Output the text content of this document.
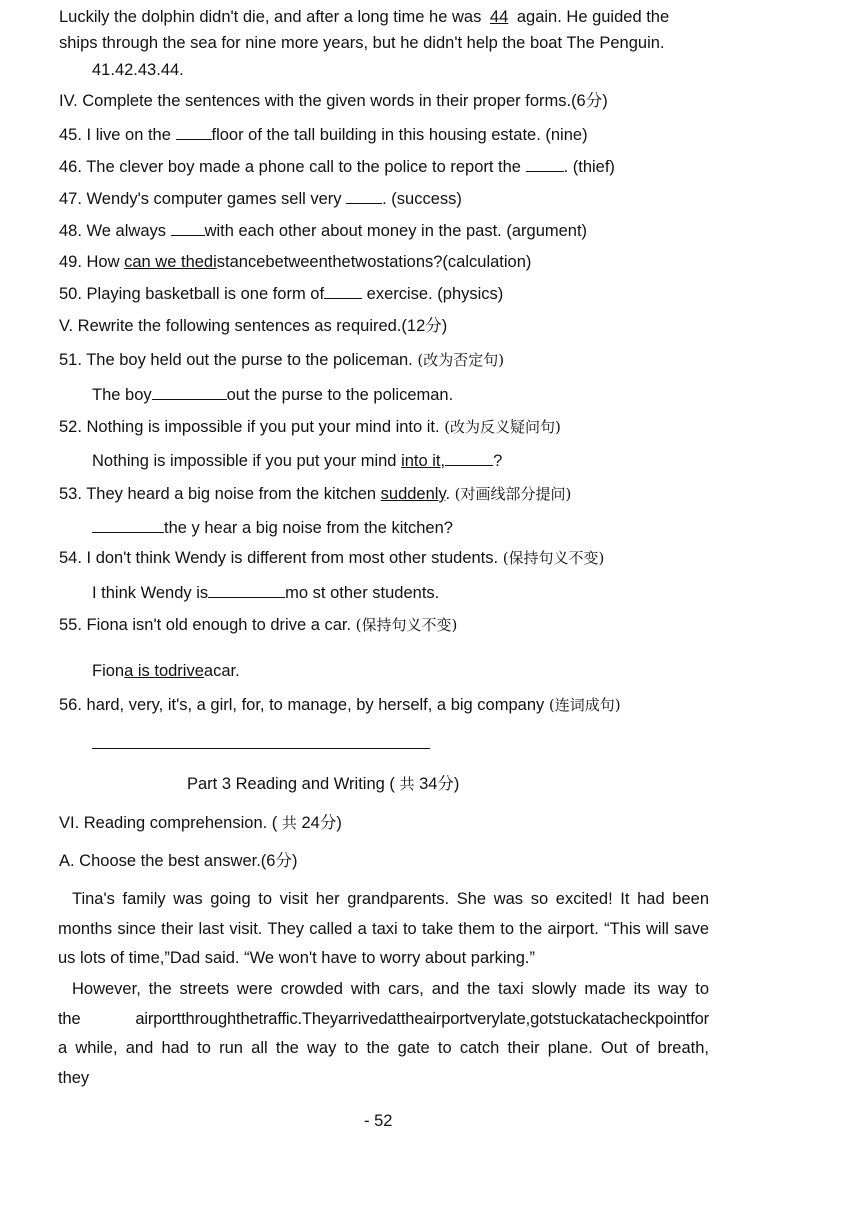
Luckily the dolphin didn't die, and after a long time he was 44 again. He guided the
ships through the sea for nine more years, but he didn't help the boat The Penguin.
41.42.43.44.
IV. Complete the sentences with the given words in their proper forms.(6分)
45. I live on the floor of the tall building in this housing estate. (nine)
46. The clever boy made a phone call to the police to report the . (thief)
47. Wendy's computer games sell very . (success)
48. We always with each other about money in the past. (argument)
49. How can we thedistancebetweenthetwostations?(calculation)
50. Playing basketball is one form of exercise. (physics)
V. Rewrite the following sentences as required.(12分)
51. The boy held out the purse to the policeman. (改为否定句)
The boy	out the purse to the policeman.
52. Nothing is impossible if you put your mind into it. (改为反义疑问句)
Nothing is impossible if you put your mind into it,	?
53. They heard a big noise from the kitchen suddenly. (对画线部分提问)
the y hear a big noise from the kitchen?
54. I don't think Wendy is different from most other students. (保持句义不变)
I think Wendy is	mo st other students.
55. Fiona isn't old enough to drive a car. (保持句义不变)
Fiona is todriveacar.
56. hard, very, it's, a girl, for, to manage, by herself, a big company (连词成句)
Part 3 Reading and Writing ( 共 34分)
VI. Reading comprehension. ( 共 24分)
A. Choose the best answer.(6分)
Tina's family was going to visit her grandparents. She was so excited! It had been months since their last visit. They called a taxi to take them to the airport. “This will save us lots of time,”Dad said. “We won't have to worry about parking.”
However, the streets were crowded with cars, and the taxi slowly made its way to
the airportthroughthetraffic.Theyarrivedattheairportverylate,gotstuckatacheckpointfor
a while, and had to run all the way to the gate to catch their plane. Out of breath,
they
- 52
